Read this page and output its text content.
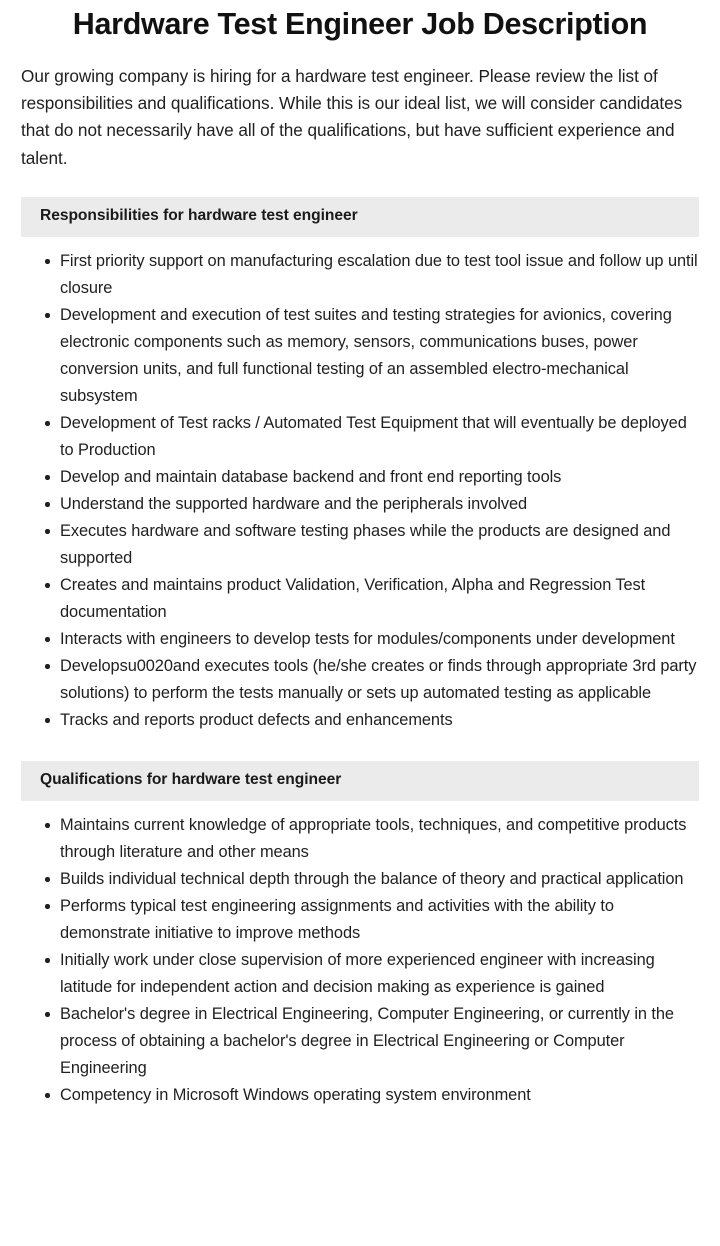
Hardware Test Engineer Job Description

Our growing company is hiring for a hardware test engineer. Please review the list of responsibilities and qualifications. While this is our ideal list, we will consider candidates that do not necessarily have all of the qualifications, but have sufficient experience and talent.

Responsibilities for hardware test engineer
First priority support on manufacturing escalation due to test tool issue and follow up until closure
Development and execution of test suites and testing strategies for avionics, covering electronic components such as memory, sensors, communications buses, power conversion units, and full functional testing of an assembled electro-mechanical subsystem
Development of Test racks / Automated Test Equipment that will eventually be deployed to Production
Develop and maintain database backend and front end reporting tools
Understand the supported hardware and the peripherals involved
Executes hardware and software testing phases while the products are designed and supported
Creates and maintains product Validation, Verification, Alpha and Regression Test documentation
Interacts with engineers to develop tests for modules/components under development
Developsu0020and executes tools (he/she creates or finds through appropriate 3rd party solutions) to perform the tests manually or sets up automated testing as applicable
Tracks and reports product defects and enhancements
Qualifications for hardware test engineer
Maintains current knowledge of appropriate tools, techniques, and competitive products through literature and other means
Builds individual technical depth through the balance of theory and practical application
Performs typical test engineering assignments and activities with the ability to demonstrate initiative to improve methods
Initially work under close supervision of more experienced engineer with increasing latitude for independent action and decision making as experience is gained
Bachelor's degree in Electrical Engineering, Computer Engineering, or currently in the process of obtaining a bachelor's degree in Electrical Engineering or Computer Engineering
Competency in Microsoft Windows operating system environment
